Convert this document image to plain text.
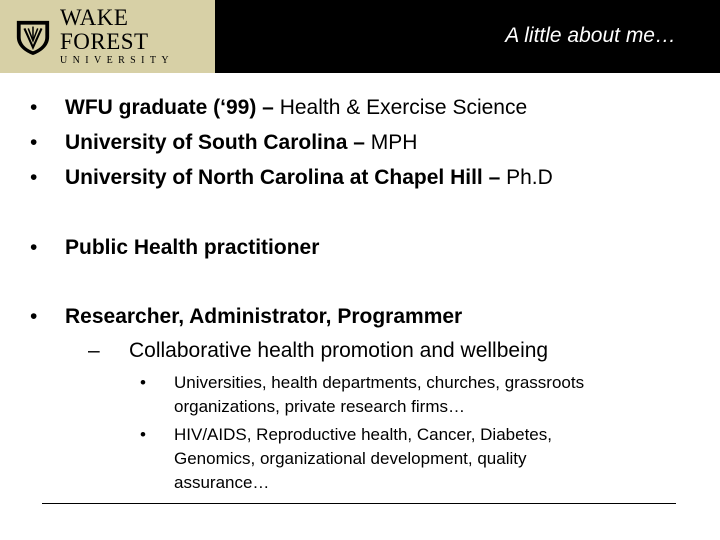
WAKE FOREST
UNIVERSITY
A little about me…
• WFU graduate (‘99) – Health & Exercise Science
• University of South Carolina – MPH
• University of North Carolina at Chapel Hill – Ph.D
• Public Health practitioner
• Researcher, Administrator, Programmer
– Collaborative health promotion and wellbeing
• Universities, health departments, churches, grassroots
organizations, private research firms…
• HIV/AIDS, Reproductive health, Cancer, Diabetes,
Genomics, organizational development, quality
assurance…
